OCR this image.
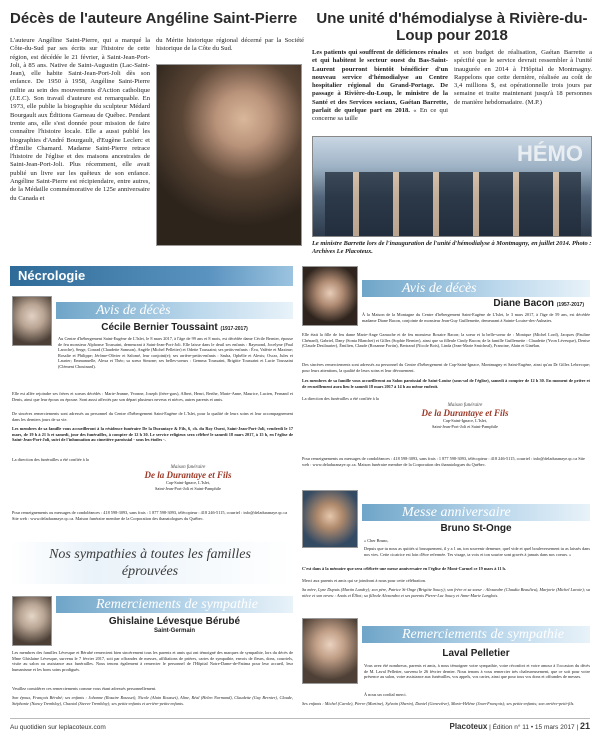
Décès de l'auteure Angéline Saint-Pierre
L'auteure Angéline Saint-Pierre, qui a marqué la Côte-du-Sud par ses écrits sur l'histoire de cette région, est décédée le 21 février, à Saint-Jean-Port-Joli, à 85 ans. Native de Saint-Augustin (Lac-Saint-Jean), elle habite Saint-Jean-Port-Joli dès son enfance. De 1950 à 1958, Angéline Saint-Pierre milite au sein des mouvements d'Action catholique (J.E.C). Son travail d'auteure est remarquable. En 1973, elle publie la biographie du sculpteur Médard Bourgault aux Éditions Garneau de Québec. Pendant trente ans, elle s'est donnée pour mission de faire connaître l'histoire locale. Elle a aussi publié les biographies d'André Bourgault, d'Eugène Leclerc et d'Émilie Chamard. Madame Saint-Pierre retrace l'histoire de l'église et des maisons ancestrales de Saint-Jean-Port-Joli. Plus récemment, elle avait publié un livre sur les quêteux de son enfance. Angéline Saint-Pierre est récipiendaire, entre autres, de la Médaille commémorative de 125e anniversaire du Canada et
du Mérite historique régional décerné par la Société historique de la Côte du Sud.
Une unité d'hémodialyse à Rivière-du-Loup pour 2018
Les patients qui souffrent de déficiences rénales et qui habitent le secteur ouest du Bas-Saint-Laurent pourront bientôt bénéficier d'un nouveau service d'hémodialyse au Centre hospitalier régional du Grand-Portage. De passage à Rivière-du-Loup, le ministre de la Santé et des Services sociaux, Gaétan Barrette, parlait de quelque part en 2018. « En ce qui concerne sa taille
et son budget de réalisation, Gaétan Barrette a spécifié que le service devrait ressembler à l'unité inaugurée en 2014 à l'Hôpital de Montmagny. Rappelons que cette dernière, réalisée au coût de 3,4 millions $, est opérationnelle trois jours par semaine et traite maintenant jusqu'à 18 personnes de manière hebdomadaire. (M.P.)
HÉMO
Le ministre Barrette lors de l'inauguration de l'unité d'hémodialyse à Montmagny, en juillet 2014. Photo : Archives Le Placoteux.
Nécrologie
Avis de décès
Cécile Bernier Toussaint (1917-2017)
Au Centre d'hébergement Saint-Eugène de L'Islet, le 8 mars 2017, à l'âge de 99 ans et 8 mois, est décédée dame Cécile Bernier, épouse de feu monsieur Alphonse Toussaint, demeurant à Saint-Jean-Port-Joli. Elle laisse dans le deuil ses enfants : Raymond, Jocelyne (Paul Laroche), Serge, Conrad (Claudette Samson), Angèle (Michel Pelletier) et Odette Toussaint; ses petits-enfants : Éva, Valérie et Maxime; Rosalie et Philippe; Jérôme-Olivier et Salomé, leur conjoint(e); ses arrière-petits-enfants : Sasha, Ophélie et Alexis; Oscar, Jules et Laurier; Emmanuelle, Alexa et Théo; sa soeur Simone; ses belles-soeurs : Gemma Toussaint, Brigitte Toussaint et Lucie Toussaint (Clément Chouinard).
Elle est allée rejoindre ses frères et soeurs décédés : Marie-Jeanne, Yvonne, Joseph (frère-gars), Albert, Henri, Berthe, Marie-Anne, Maurice, Lucien, Fernand et Denis, ainsi que leur époux ou épouse. Sont aussi affectés par son départ plusieurs neveux et nièces, autres parents et amis.
De sincères remerciements sont adressés au personnel du Centre d'hébergement Saint-Eugène de L'Islet, pour la qualité de leurs soins et leur accompagnement dans les derniers jours de sa vie.
Les membres de sa famille vous accueilleront à la résidence funéraire De la Durantaye & Fils, 6, ch. du Roy Ouest, Saint-Jean-Port-Joli, vendredi le 17 mars, de 19 h à 21 h et samedi, jour des funérailles, à compter de 12 h 30. Le service religieux sera célébré le samedi 18 mars 2017, à 15 h, en l'église de Saint-Jean-Port-Joli, suivi de l'inhumation au cimetière paroissial - sous les étoiles -.
La direction des funérailles a été confiée à la
Maison funéraire
De la Durantaye et Fils
Cap-Saint-Ignace, L'Islet,
Saint-Jean-Port-Joli et Saint-Pamphile
Pour renseignements ou messages de condoléances : 418 598-3093, sans frais : 1 877 598-3093, télécopieur : 418 246-5115, courriel : info@deladuranaye.qc.ca Site web : www.deladuranaye.qc.ca. Maison funéraire membre de la Corporation des thanatologues du Québec.
Nos sympathies à toutes les familles éprouvées
Remerciements de sympathie
Ghislaine Lévesque Bérubé
Saint-Germain
Les membres des familles Lévesque et Bérubé remercient bien sincèrement tous les parents et amis qui ont témoigné des marques de sympathie, lors du décès de Mme Ghislaine Lévesque, survenu le 7 février 2017, soit par offrandes de messes, affiliations de prières, cartes de sympathie, envois de fleurs, dons, courriels, visite au salon ou assistance aux funérailles. Nous tenons également à remercier le personnel de l'Hôpital Notre-Dame-de-Fatima pour leur accueil, leur humanisme et les bons soins prodigués.
Veuillez considérer ces remerciements comme vous étant adressés personnellement.
Son époux, François Bérubé; ses enfants : Johanne (Rosaire Rousset), Nicole (Alain Rousset), Aline, Réal (Helen Normand), Claudette (Guy Bernier), Claude, Stéphanie (Nancy Tremblay), Chantal (Steeve Tremblay); ses petits-enfants et arrière-petits-enfants.
Avis de décès
Diane Bacon (1957-2017)
À la Maison de la Montagne du Centre d'hébergement Saint-Eugène de L'Islet, le 3 mars 2017, à l'âge de 59 ans, est décédée madame Diane Bacon, conjointe de monsieur Jean-Guy Guillemette, demeurant à Sainte-Louise-des-Aulnaies.
Elle était la fille de feu dame Marie-Ange Gamache et de feu monsieur Rosaire Bacon; la soeur et la belle-soeur de : Monique (Michel Lord), Jacques (Pauline Chénard), Gabriel, Dany (Sonia Blanchet) et Gilles (Sophie Bernier), ainsi que sa filleule Cindy Bacon; de la famille Guillemette : Claudette (Yvon Lévesque), Denise (Claude Desilaurier), Émilien, Claude (Rosanne Fortin), Bertrand (Nicole Bois), Linda (Jean-Marie Smicheal), Francine, Alain et Ginélan.
Des sincères remerciements sont adressés au personnel du Centre d'hébergement de Cap-Saint-Ignace, Montmagny et Saint-Eugène, ainsi qu'au Dr Gilles Lebrecque; pour leurs attentions, la qualité de leurs soins et leur dévouement.
Les membres de sa famille vous accueilleront au Salon paroissial de Saint-Louise (sous-sol de l'église), samedi à compter de 12 h 30. En moment de prière et de recueillement aura lieu le samedi 18 mars 2017 à 14 h au même endroit.
La direction des funérailles a été confiée à la
Maison funéraire
De la Durantaye et Fils
Cap-Saint-Ignace, L'Islet,
Saint-Jean-Port-Joli et Saint-Pamphile
Pour renseignements ou messages de condoléances : 418 598-3093, sans frais : 1 877 598-3093, télécopieur : 418 246-5115, courriel : info@deladuranaye.qc.ca Site web : www.deladuranaye.qc.ca. Maison funéraire membre de la Corporation des thanatologues du Québec.
Messe anniversaire
Bruno St-Onge
« Cher Bruno,
Depuis que tu nous as quittés si brusquement, il y a 1 an, ton souvenir demeure, quel vide et quel bouleversement tu as laissés dans nos vies. Cette cicatrice est loin d'être refermée. Tes visage, ta voix et ton sourire sont gravés à jamais dans nos coeurs. »
C'est dans à la mémoire que sera célébrée une messe anniversaire en l'église de Mont-Carmel ce 19 mars à 11 h.
Merci aux parents et amis qui se joindront à nous pour cette célébration.
Sa mère, Lyne Dupuis (Martin Landry); son père, Patrice St-Onge (Brigitte Soucy); son frère et sa soeur : Alexandre (Claudia Beaulieu), Marjorie (Michel Lavoie); sa nièce et son neveu : Anaïs et Élliot; sa filleule Alexandra et ses parents Pierre-Luc Soucy et Anne-Marie Langlois.
Remerciements de sympathie
Laval Pelletier
Vous avez été nombreux, parents et amis, à nous témoigner votre sympathie, votre réconfort et votre amour à l'occasion du décès de M. Laval Pelletier, survenu le 26 février dernier. Nous tenons à vous remercier très chaleureusement, que ce soit pour votre présence au salon, votre assistance aux funérailles, vos appels, vos cartes, ainsi que pour tous vos dons et offrandes de messes.
À nous un cordial merci.
Ses enfants : Michel (Carole), Pierre (Martine), Sylvain (Sherin), Daniel (Geneviève), Marie-Hélène (Jean-François); ses petits-enfants; son arrière-petit-fils.
Au quotidien sur leplacoteux.com	Placoteux | Édition n° 11 • 15 mars 2017 | 21
